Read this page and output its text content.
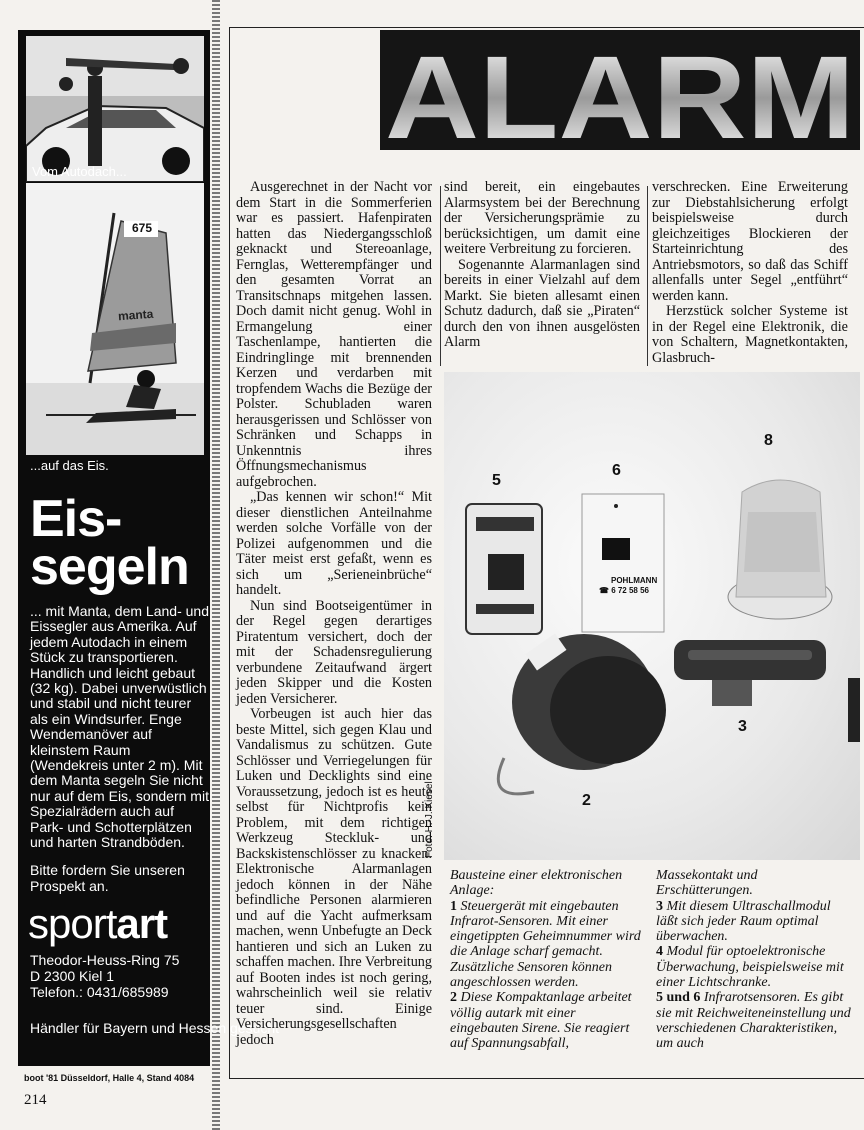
Vom Autodach...
675
manta
...auf das Eis.
Eis-
segeln
... mit Manta, dem Land- und Eissegler aus Amerika. Auf jedem Autodach in einem Stück zu transportieren. Handlich und leicht gebaut (32 kg). Dabei unverwüstlich und stabil und nicht teurer als ein Windsurfer. Enge Wendemanöver auf kleinstem Raum (Wendekreis unter 2 m). Mit dem Manta segeln Sie nicht nur auf dem Eis, sondern mit Spezialrädern auch auf Park- und Schotterplätzen und harten Strandböden.
Bitte fordern Sie unseren Prospekt an.
sportart
Theodor-Heuss-Ring 75
D 2300 Kiel 1
Telefon.: 0431/685989
Händler für Bayern und Hessen gesucht
boot '81 Düsseldorf, Halle 4, Stand 4084
214
ALARM

Ausgerechnet in der Nacht vor dem Start in die Sommerferien war es passiert. Hafenpiraten hatten das Niedergangsschloß geknackt und Stereoanlage, Fernglas, Wetterempfänger und den gesamten Vorrat an Transitschnaps mitgehen lassen. Doch damit nicht genug. Wohl in Ermangelung einer Taschenlampe, hantierten die Eindringlinge mit brennenden Kerzen und verdarben mit tropfendem Wachs die Bezüge der Polster. Schubladen waren herausgerissen und Schlösser von Schränken und Schapps in Unkenntnis ihres Öffnungsmechanismus aufgebrochen.

„Das kennen wir schon!“ Mit dieser dienstlichen Anteilnahme werden solche Vorfälle von der Polizei aufgenommen und die Täter meist erst gefaßt, wenn es sich um „Serieneinbrüche“ handelt.

Nun sind Bootseigentümer in der Regel gegen derartiges Piratentum versichert, doch der mit der Schadensregulierung verbundene Zeitaufwand ärgert jeden Skipper und die Kosten jeden Versicherer.

Vorbeugen ist auch hier das beste Mittel, sich gegen Klau und Vandalismus zu schützen. Gute Schlösser und Verriegelungen für Luken und Decklights sind eine Voraussetzung, jedoch ist es heute selbst für Nichtprofis kein Problem, mit dem richtigen Werkzeug Steckluk- und Backskistenschlösser zu knacken. Elektronische Alarmanlagen jedoch können in der Nähe befindliche Personen alarmieren und auf die Yacht aufmerksam machen, wenn Unbefugte an Deck hantieren und sich an Luken zu schaffen machen. Ihre Verbreitung auf Booten indes ist noch gering, wahrscheinlich weil sie relativ teuer sind. Einige Versicherungsgesellschaften jedoch

sind bereit, ein eingebautes Alarmsystem bei der Berechnung der Versicherungsprämie zu berücksichtigen, um damit eine weitere Verbreitung zu forcieren.

Sogenannte Alarmanlagen sind bereits in einer Vielzahl auf dem Markt. Sie bieten allesamt einen Schutz dadurch, daß sie „Piraten“ durch den von ihnen ausgelösten Alarm

verschrecken. Eine Erweiterung zur Diebstahlsicherung erfolgt beispielsweise durch gleichzeitiges Blockieren der Starteinrichtung des Antriebsmotors, so daß das Schiff allenfalls unter Segel „entführt“ werden kann.

Herzstück solcher Systeme ist in der Regel eine Elektronik, die von Schaltern, Magnetkontakten, Glasbruch-

POHLMANN
☎ 6 72 58 56
5
6
8
3
2
Foto: H.-J. Kiesel
Bausteine einer elektronischen Anlage:
1 Steuergerät mit eingebauten Infrarot-Sensoren. Mit einer eingetippten Geheimnummer wird die Anlage scharf gemacht. Zusätzliche Sensoren können angeschlossen werden.
2 Diese Kompaktanlage arbeitet völlig autark mit einer eingebauten Sirene. Sie reagiert auf Spannungsabfall,
Massekontakt und Erschütterungen.
3 Mit diesem Ultraschallmodul läßt sich jeder Raum optimal überwachen.
4 Modul für optoelektronische Überwachung, beispielsweise mit einer Lichtschranke.
5 und 6 Infrarotsensoren. Es gibt sie mit Reichweiteneinstellung und verschiedenen Charakteristiken, um auch
